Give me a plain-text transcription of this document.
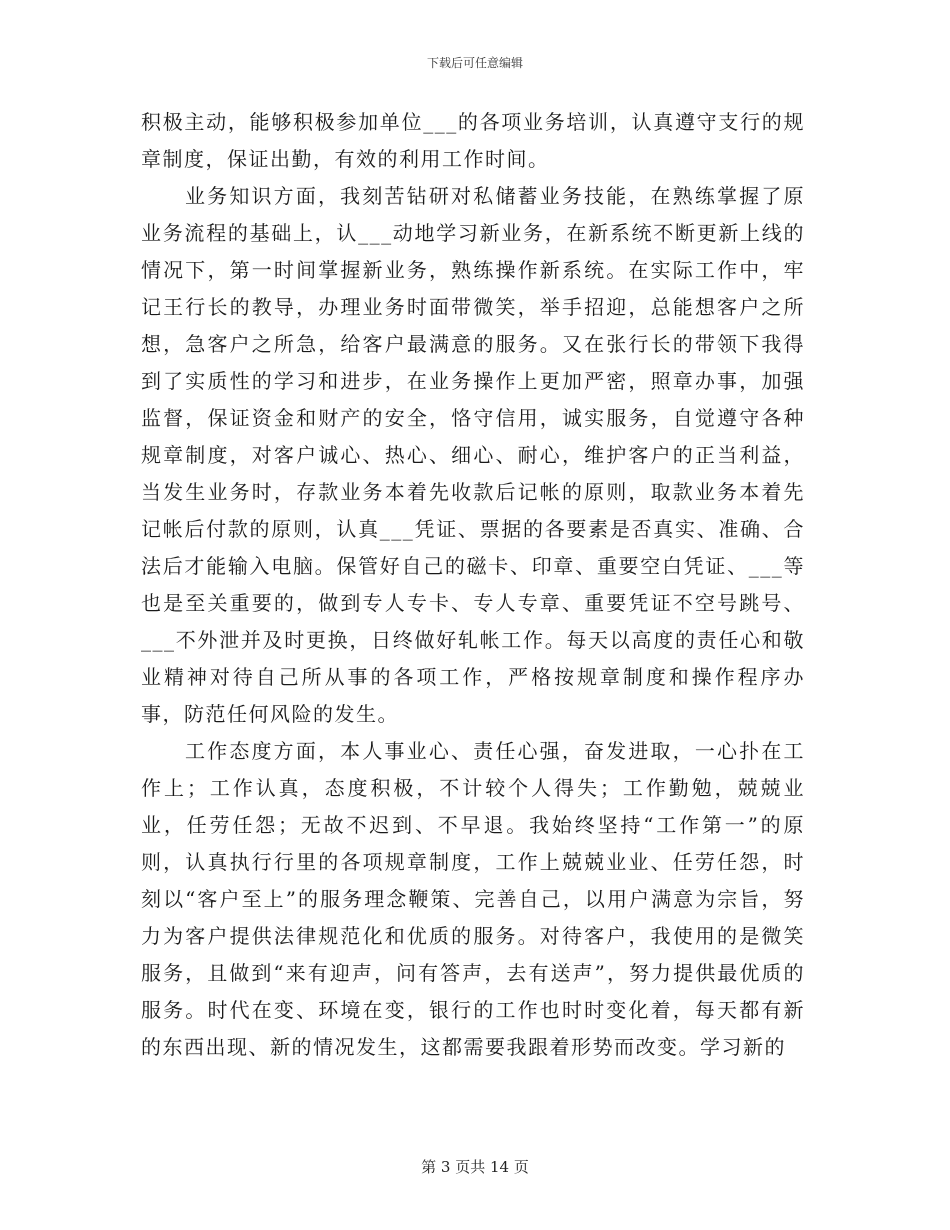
下载后可任意编辑

积极主动，能够积极参加单位___的各项业务培训，认真遵守支行的规章制度，保证出勤，有效的利用工作时间。

业务知识方面，我刻苦钻研对私储蓄业务技能，在熟练掌握了原业务流程的基础上，认___动地学习新业务，在新系统不断更新上线的情况下，第一时间掌握新业务，熟练操作新系统。在实际工作中，牢记王行长的教导，办理业务时面带微笑，举手招迎，总能想客户之所想，急客户之所急，给客户最满意的服务。又在张行长的带领下我得到了实质性的学习和进步，在业务操作上更加严密，照章办事，加强监督，保证资金和财产的安全，恪守信用，诚实服务，自觉遵守各种规章制度，对客户诚心、热心、细心、耐心，维护客户的正当利益，当发生业务时，存款业务本着先收款后记帐的原则，取款业务本着先记帐后付款的原则，认真___凭证、票据的各要素是否真实、准确、合法后才能输入电脑。保管好自己的磁卡、印章、重要空白凭证、___等也是至关重要的，做到专人专卡、专人专章、重要凭证不空号跳号、___不外泄并及时更换，日终做好轧帐工作。每天以高度的责任心和敬业精神对待自己所从事的各项工作，严格按规章制度和操作程序办事，防范任何风险的发生。

工作态度方面，本人事业心、责任心强，奋发进取，一心扑在工作上；工作认真，态度积极，不计较个人得失；工作勤勉，兢兢业业，任劳任怨；无故不迟到、不早退。我始终坚持“工作第一”的原则，认真执行行里的各项规章制度，工作上兢兢业业、任劳任怨，时刻以“客户至上”的服务理念鞭策、完善自己，以用户满意为宗旨，努力为客户提供法律规范化和优质的服务。对待客户，我使用的是微笑服务，且做到“来有迎声，问有答声，去有送声”，努力提供最优质的服务。时代在变、环境在变，银行的工作也时时变化着，每天都有新的东西出现、新的情况发生，这都需要我跟着形势而改变。学习新的

第 3 页共 14 页
